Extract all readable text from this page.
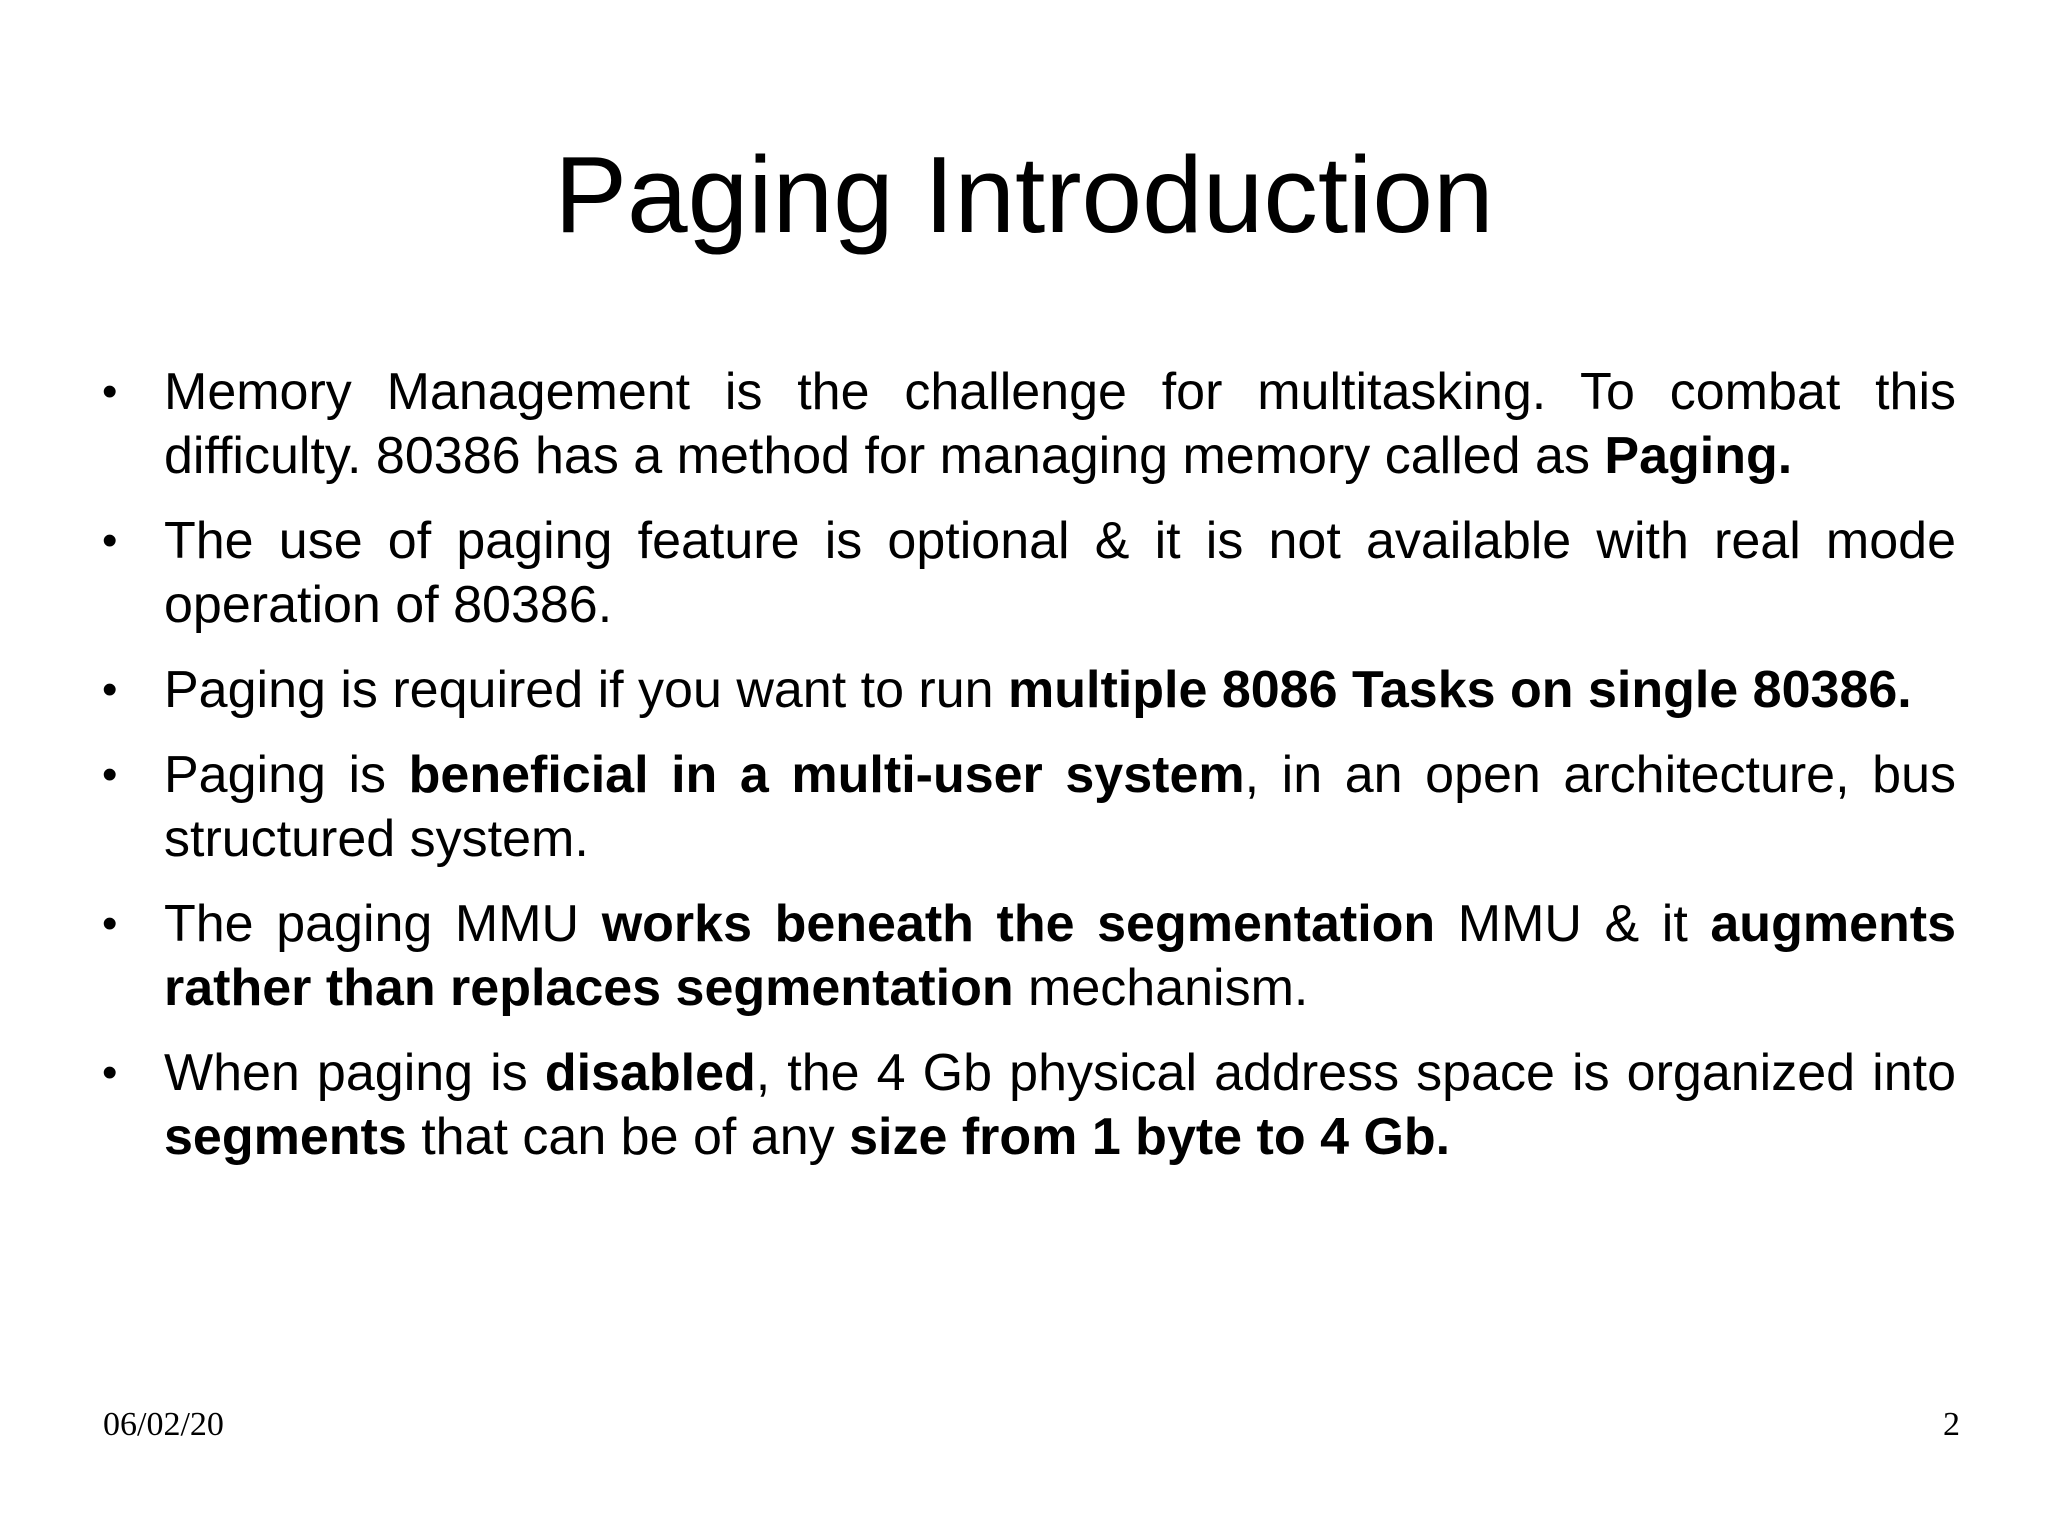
Paging Introduction
• Memory Management is the challenge for multitasking. To combat this difficulty. 80386 has a method for managing memory called as Paging.
• The use of paging feature is optional & it is not available with real mode operation of 80386.
• Paging is required if you want to run multiple 8086 Tasks on single 80386.
• Paging is beneficial in a multi-user system, in an open architecture, bus structured system.
• The paging MMU works beneath the segmentation MMU & it augments rather than replaces segmentation mechanism.
• When paging is disabled, the 4 Gb physical address space is organized into segments that can be of any size from 1 byte to 4 Gb.
06/02/20	2
